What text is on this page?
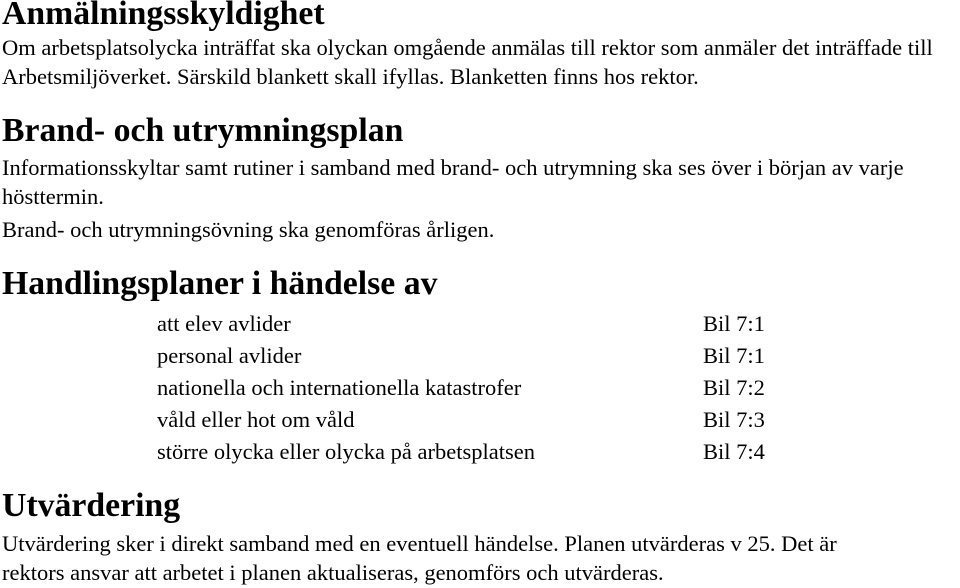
Anmälningsskyldighet

Om arbetsplatsolycka inträffat ska olyckan omgående anmälas till rektor som anmäler det inträffade till Arbetsmiljöverket. Särskild blankett skall ifyllas. Blanketten finns hos rektor.

Brand- och utrymningsplan

Informationsskyltar samt rutiner i samband med brand- och utrymning ska ses över i början av varje hösttermin.

Brand- och utrymningsövning ska genomföras årligen.

Handlingsplaner i händelse av
att elev avlider	Bil 7:1
personal avlider	Bil 7:1
nationella och internationella katastrofer	Bil 7:2
våld eller hot om våld	Bil 7:3
större olycka eller olycka på arbetsplatsen	Bil 7:4
Utvärdering

Utvärdering sker i direkt samband med en eventuell händelse. Planen utvärderas v 25. Det är
rektors ansvar att arbetet i planen aktualiseras, genomförs och utvärderas.
